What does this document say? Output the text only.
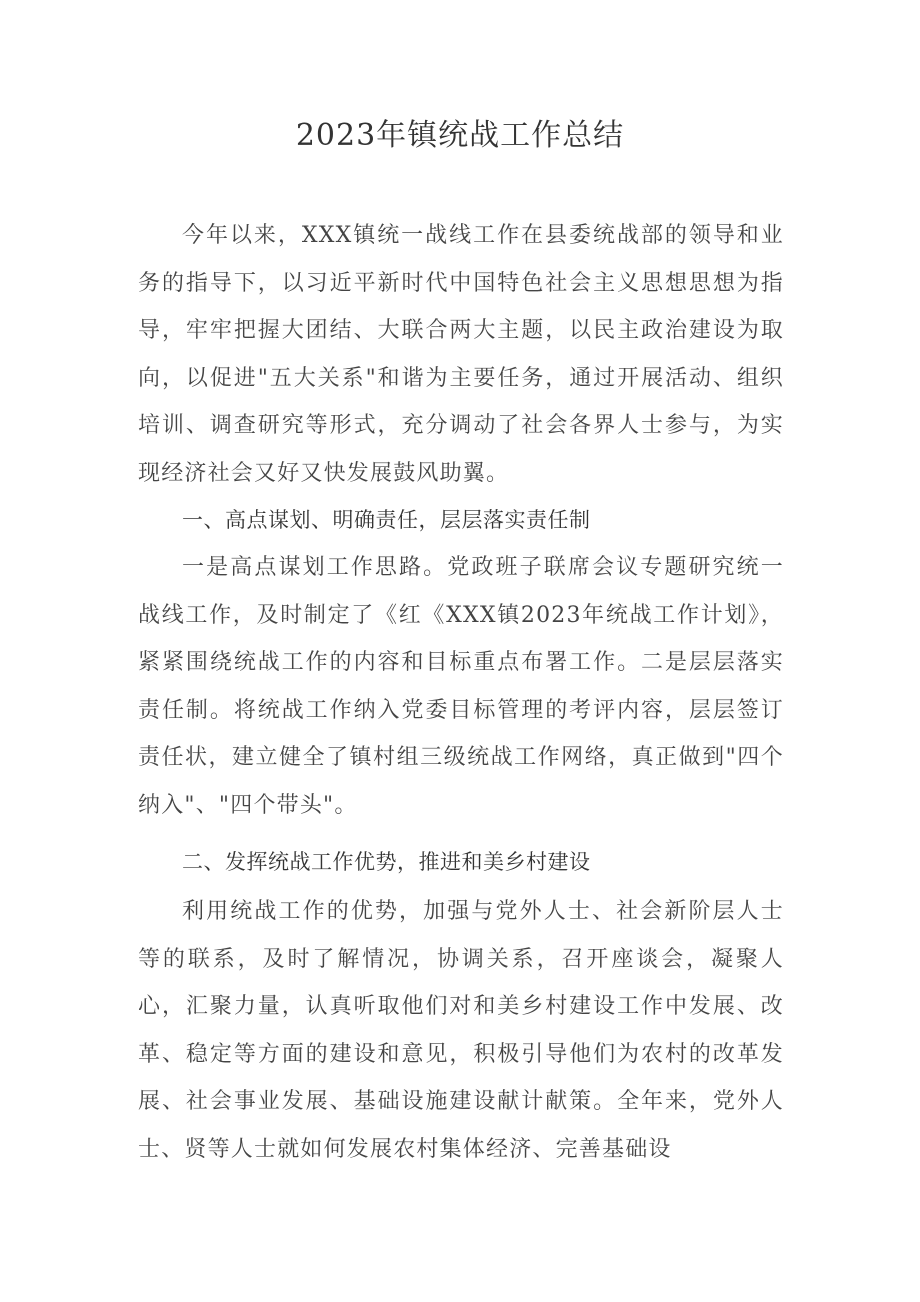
2023年镇统战工作总结

今年以来，XXX镇统一战线工作在县委统战部的领导和业务的指导下，以习近平新时代中国特色社会主义思想思想为指导，牢牢把握大团结、大联合两大主题，以民主政治建设为取向，以促进"五大关系"和谐为主要任务，通过开展活动、组织培训、调查研究等形式，充分调动了社会各界人士参与，为实现经济社会又好又快发展鼓风助翼。

一、高点谋划、明确责任，层层落实责任制

一是高点谋划工作思路。党政班子联席会议专题研究统一战线工作，及时制定了《红《XXX镇2023年统战工作计划》，紧紧围绕统战工作的内容和目标重点布署工作。二是层层落实责任制。将统战工作纳入党委目标管理的考评内容，层层签订责任状，建立健全了镇村组三级统战工作网络，真正做到"四个纳入"、"四个带头"。

二、发挥统战工作优势，推进和美乡村建设

利用统战工作的优势，加强与党外人士、社会新阶层人士等的联系，及时了解情况，协调关系，召开座谈会，凝聚人心，汇聚力量，认真听取他们对和美乡村建设工作中发展、改革、稳定等方面的建设和意见，积极引导他们为农村的改革发展、社会事业发展、基础设施建设献计献策。全年来，党外人士、贤等人士就如何发展农村集体经济、完善基础设
